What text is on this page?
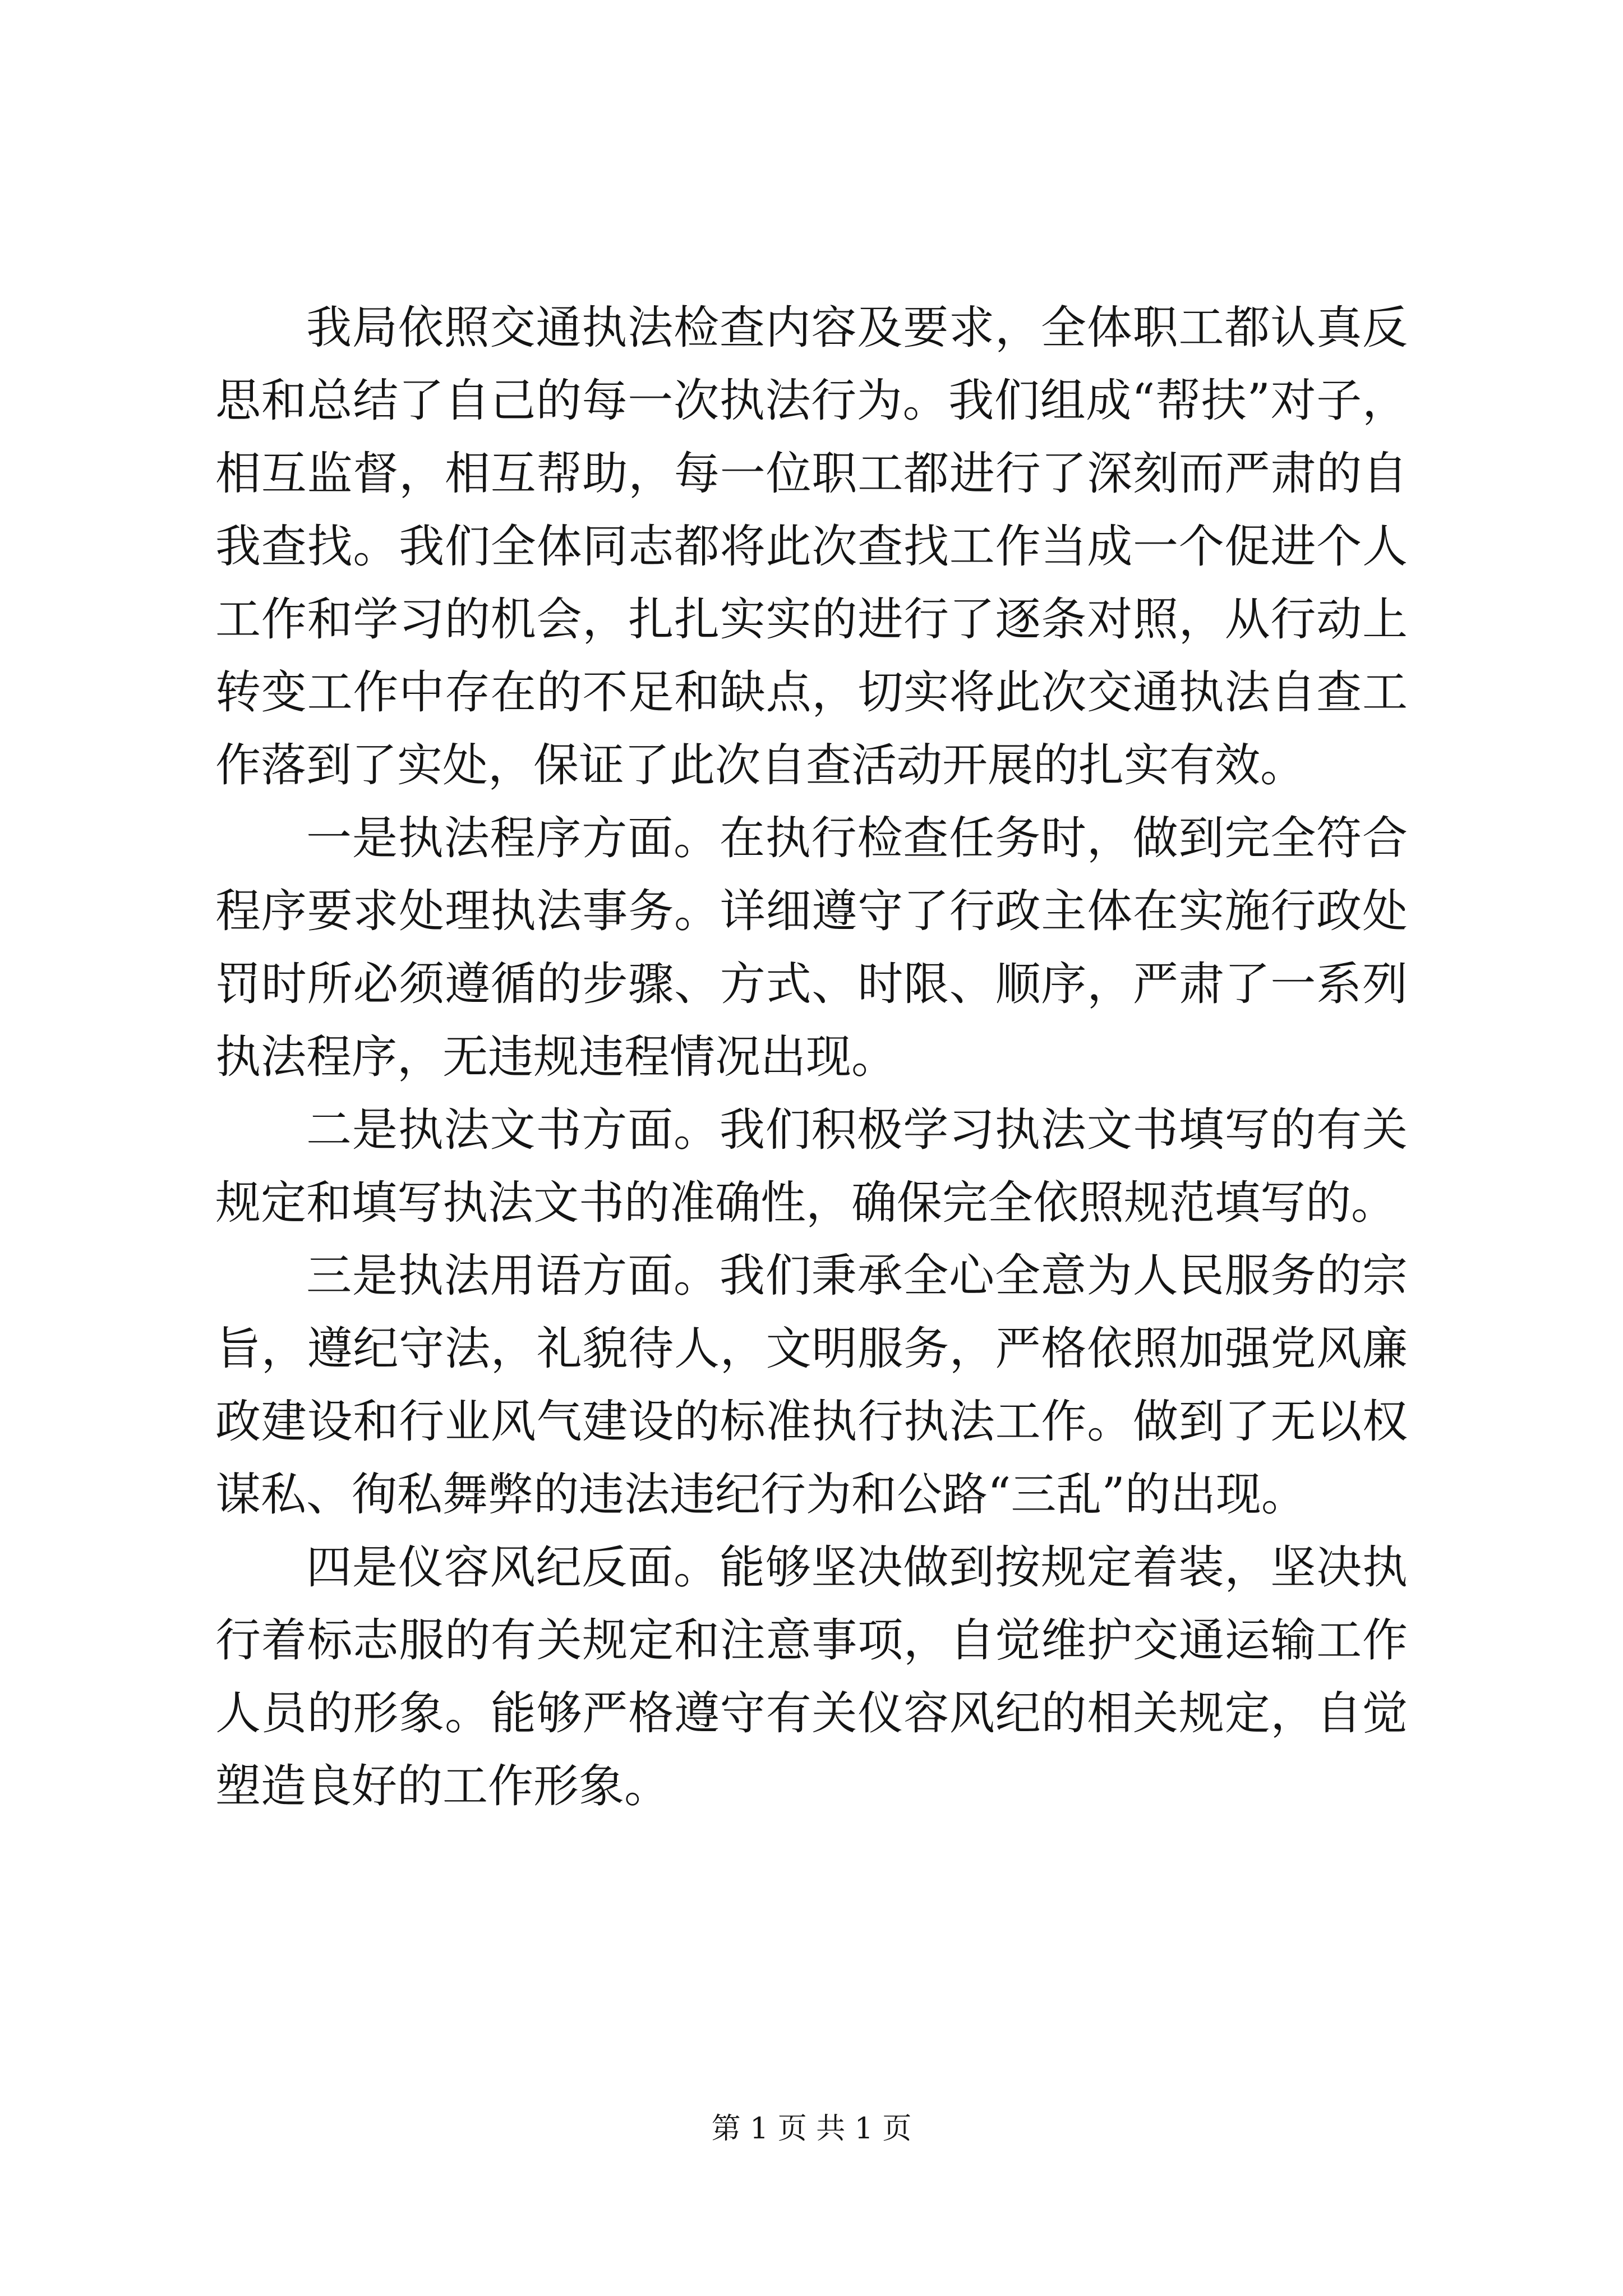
我局依照交通执法检查内容及要求，全体职工都认真反思和总结了自己的每一次执法行为。我们组成“帮扶”对子，相互监督，相互帮助，每一位职工都进行了深刻而严肃的自我查找。我们全体同志都将此次查找工作当成一个促进个人工作和学习的机会，扎扎实实的进行了逐条对照，从行动上转变工作中存在的不足和缺点，切实将此次交通执法自查工作落到了实处，保证了此次自查活动开展的扎实有效。

一是执法程序方面。在执行检查任务时，做到完全符合程序要求处理执法事务。详细遵守了行政主体在实施行政处罚时所必须遵循的步骤、方式、时限、顺序，严肃了一系列执法程序，无违规违程情况出现。

二是执法文书方面。我们积极学习执法文书填写的有关规定和填写执法文书的准确性，确保完全依照规范填写的。

三是执法用语方面。我们秉承全心全意为人民服务的宗旨，遵纪守法，礼貌待人，文明服务，严格依照加强党风廉政建设和行业风气建设的标准执行执法工作。做到了无以权谋私、徇私舞弊的违法违纪行为和公路“三乱”的出现。

四是仪容风纪反面。能够坚决做到按规定着装，坚决执行着标志服的有关规定和注意事项，自觉维护交通运输工作人员的形象。能够严格遵守有关仪容风纪的相关规定，自觉塑造良好的工作形象。

第 1 页 共 1 页
